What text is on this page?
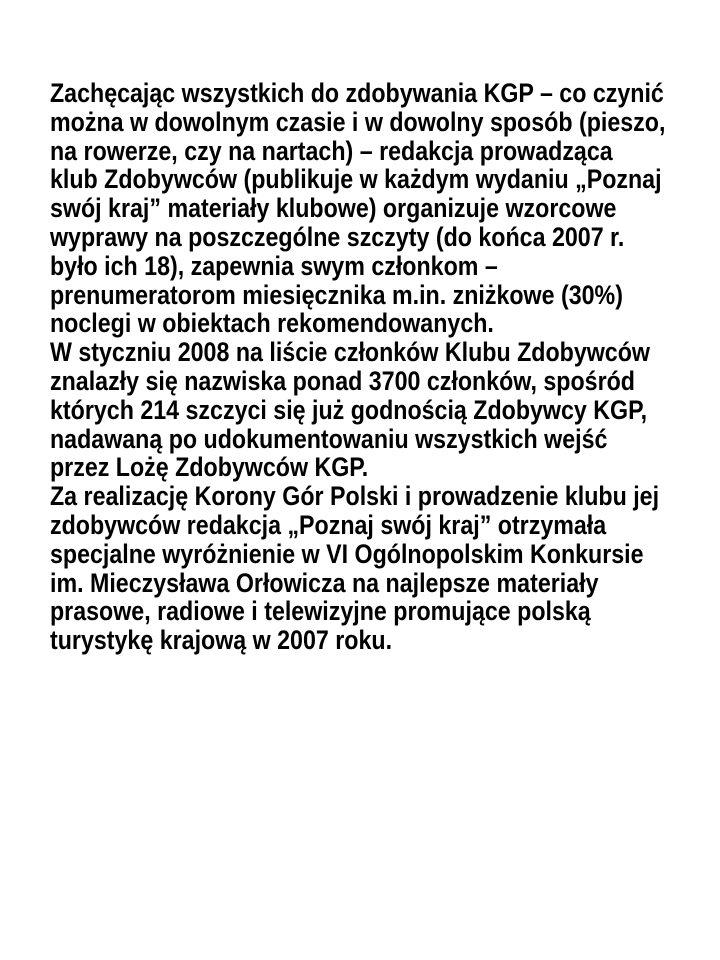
Zachęcając wszystkich do zdobywania KGP – co czynić
można w dowolnym czasie i w dowolny sposób (pieszo,
na rowerze, czy na nartach) – redakcja prowadząca
klub Zdobywców (publikuje w każdym wydaniu „Poznaj
swój kraj” materiały klubowe) organizuje wzorcowe
wyprawy na poszczególne szczyty (do końca 2007 r.
było ich 18), zapewnia swym członkom –
prenumeratorom miesięcznika m.in. zniżkowe (30%)
noclegi w obiektach rekomendowanych.

W styczniu 2008 na liście członków Klubu Zdobywców
znalazły się nazwiska ponad 3700 członków, spośród
których 214 szczyci się już godnością Zdobywcy KGP,
nadawaną po udokumentowaniu wszystkich wejść
przez Lożę Zdobywców KGP.

Za realizację Korony Gór Polski i prowadzenie klubu jej
zdobywców redakcja „Poznaj swój kraj” otrzymała
specjalne wyróżnienie w VI Ogólnopolskim Konkursie
im. Mieczysława Orłowicza na najlepsze materiały
prasowe, radiowe i telewizyjne promujące polską
turystykę krajową w 2007 roku.
